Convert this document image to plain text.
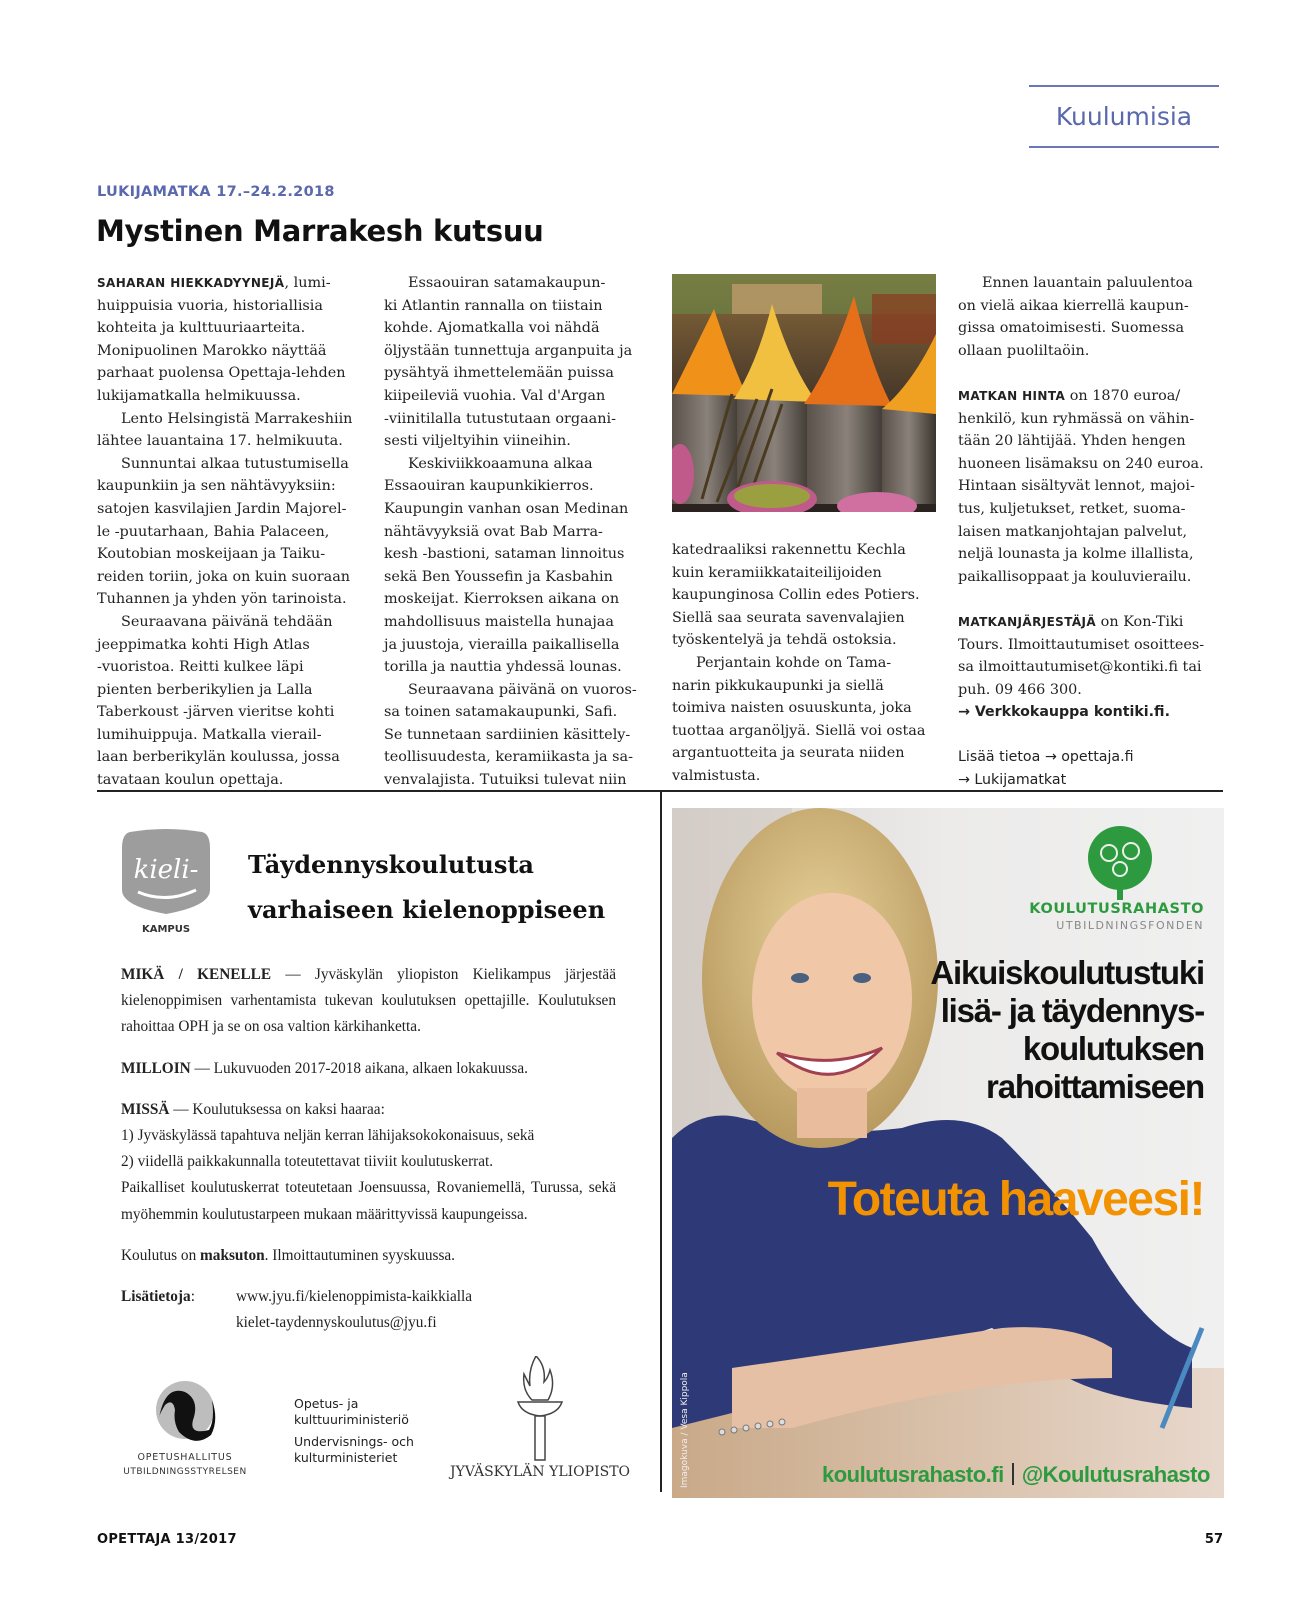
Kuulumisia
LUKIJAMATKA 17.–24.2.2018
Mystinen Marrakesh kutsuu

SAHARAN HIEKKADYYNEJÄ, lumi-

huippuisia vuoria, historiallisia
kohteita ja kulttuuriaarteita.
Monipuolinen Marokko näyttää
parhaat puolensa Opettaja-lehden
lukijamatkalla helmikuussa.

Lento Helsingistä Marrakeshiin
lähtee lauantaina 17. helmikuuta.

Sunnuntai alkaa tutustumisella
kaupunkiin ja sen nähtävyyksiin:
satojen kasvilajien Jardin Majorel-
le -puutarhaan, Bahia Palaceen,
Koutobian moskeijaan ja Taiku-
reiden toriin, joka on kuin suoraan
Tuhannen ja yhden yön tarinoista.

Seuraavana päivänä tehdään
jeeppimatka kohti High Atlas
-vuoristoa. Reitti kulkee läpi
pienten berberikylien ja Lalla
Taberkoust -järven vieritse kohti
lumihuippuja. Matkalla vierail-
laan berberikylän koulussa, jossa
tavataan koulun opettaja.

Essaouiran satamakaupun-
ki Atlantin rannalla on tiistain
kohde. Ajomatkalla voi nähdä
öljystään tunnettuja arganpuita ja
pysähtyä ihmettelemään puissa
kiipeileviä vuohia. Val d'Argan
-viinitilalla tutustutaan orgaani-
sesti viljeltyihin viineihin.

Keskiviikkoaamuna alkaa
Essaouiran kaupunkikierros.
Kaupungin vanhan osan Medinan
nähtävyyksiä ovat Bab Marra-
kesh -bastioni, sataman linnoitus
sekä Ben Youssefin ja Kasbahin
moskeijat. Kierroksen aikana on
mahdollisuus maistella hunajaa
ja juustoja, vierailla paikallisella
torilla ja nauttia yhdessä lounas.

Seuraavana päivänä on vuoros-
sa toinen satamakaupunki, Safi.
Se tunnetaan sardiinien käsittely-
teollisuudesta, keramiikasta ja sa-
venvalajista. Tutuiksi tulevat niin

katedraaliksi rakennettu Kechla
kuin keramiikkataiteilijoiden
kaupunginosa Collin edes Potiers.
Siellä saa seurata savenvalajien
työskentelyä ja tehdä ostoksia.

Perjantain kohde on Tama-
narin pikkukaupunki ja siellä
toimiva naisten osuuskunta, joka
tuottaa arganöljyä. Siellä voi ostaa
argantuotteita ja seurata niiden
valmistusta.

Ennen lauantain paluulentoa
on vielä aikaa kierrellä kaupun-
gissa omatoimisesti. Suomessa
ollaan puoliltaöin.

MATKAN HINTA on 1870 euroa/

henkilö, kun ryhmässä on vähin-
tään 20 lähtijää. Yhden hengen
huoneen lisämaksu on 240 euroa.
Hintaan sisältyvät lennot, majoi-
tus, kuljetukset, retket, suoma-
laisen matkanjohtajan palvelut,
neljä lounasta ja kolme illallista,
paikallisoppaat ja kouluvierailu.

MATKANJÄRJESTÄJÄ on Kon-Tiki

Tours. Ilmoittautumiset osoittees-
sa ilmoittautumiset@kontiki.fi tai
puh. 09 466 300.

→ Verkkokauppa kontiki.fi.

Lisää tietoa → opettaja.fi

→ Lukijamatkat

kieli-
KAMPUS
Täydennyskoulutusta
varhaiseen kielenoppiseen

MIKÄ / KENELLE — Jyväskylän yliopiston Kielikampus järjestää kielenoppimisen varhentamista tukevan koulutuksen opettajille. Koulutuksen rahoittaa OPH ja se on osa valtion kärkihanketta.

MILLOIN — Lukuvuoden 2017-2018 aikana, alkaen lokakuussa.

MISSÄ — Koulutuksessa on kaksi haaraa:

1) Jyväskylässä tapahtuva neljän kerran lähijaksokokonaisuus, sekä

2) viidellä paikkakunnalla toteutettavat tiiviit koulutuskerrat.

Paikalliset koulutuskerrat toteutetaan Joensuussa, Rovaniemellä, Turussa, sekä myöhemmin koulutustarpeen mukaan määrittyvissä kaupungeissa.

Koulutus on maksuton. Ilmoittautuminen syyskuussa.

Lisätietoja:	www.jyu.fi/kielenoppimista-kaikkialla
kielet-taydennyskoulutus@jyu.fi
OPETUSHALLITUS
UTBILDNINGSSTYRELSEN
Opetus- ja
kulttuuriministeriö
Undervisnings- och
kulturministeriet
JYVÄSKYLÄN YLIOPISTO
KOULUTUSRAHASTO
UTBILDNINGSFONDEN
Aikuiskoulutustuki
lisä- ja täydennys-
koulutuksen
rahoittamiseen
Toteuta haaveesi!
Imagokuva / Vesa Kippola	koulutusrahasto.fi @Koulutusrahasto
OPETTAJA 13/2017	57
